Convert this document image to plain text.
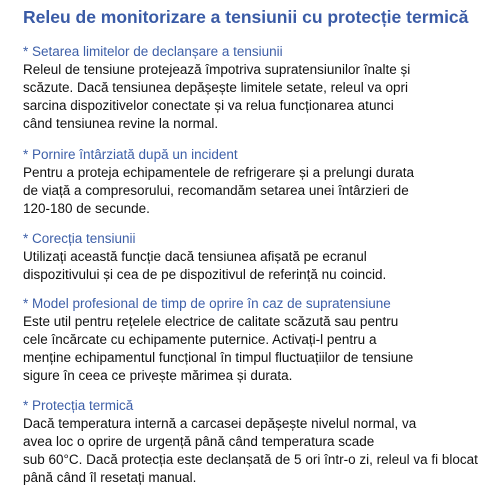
Releu de monitorizare a tensiunii cu protecție termică
* Setarea limitelor de declanșare a tensiunii
Releul de tensiune protejează împotriva supratensiunilor înalte și
scăzute. Dacă tensiunea depășește limitele setate, releul va opri
sarcina dispozitivelor conectate și va relua funcționarea atunci
când tensiunea revine la normal.
* Pornire întârziată după un incident
Pentru a proteja echipamentele de refrigerare și a prelungi durata
de viață a compresorului, recomandăm setarea unei întârzieri de
120-180 de secunde.
* Corecția tensiunii
Utilizați această funcție dacă tensiunea afișată pe ecranul
dispozitivului și cea de pe dispozitivul de referință nu coincid.
* Model profesional de timp de oprire în caz de supratensiune
Este util pentru rețelele electrice de calitate scăzută sau pentru
cele încărcate cu echipamente puternice. Activați-l pentru a
menține echipamentul funcțional în timpul fluctuațiilor de tensiune
sigure în ceea ce privește mărimea și durata.
* Protecția termică
Dacă temperatura internă a carcasei depășește nivelul normal, va
avea loc o oprire de urgență până când temperatura scade
sub 60°C. Dacă protecția este declanșată de 5 ori într-o zi, releul va fi blocat
până când îl resetați manual.
